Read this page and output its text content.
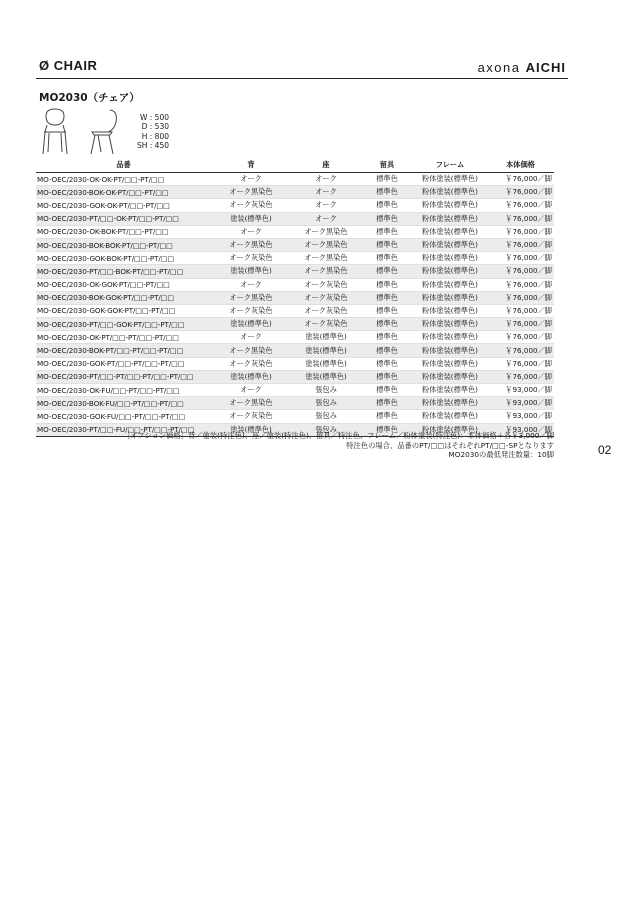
Ø CHAIR	axona AICHI
MO2030（チェア）
W : 500
D : 530
H : 800
SH : 450
品番	背	座	留具	フレーム	本体価格
MO-OEC/2030-OK-OK-PT/□□-PT/□□	オーク	オーク	標準色	粉体塗装(標準色)	￥76,000／脚
MO-OEC/2030-BOK-OK-PT/□□-PT/□□	オーク黒染色	オーク	標準色	粉体塗装(標準色)	￥76,000／脚
MO-OEC/2030-GOK-OK-PT/□□-PT/□□	オーク灰染色	オーク	標準色	粉体塗装(標準色)	￥76,000／脚
MO-OEC/2030-PT/□□-OK-PT/□□-PT/□□	塗装(標準色)	オーク	標準色	粉体塗装(標準色)	￥76,000／脚
MO-OEC/2030-OK-BOK-PT/□□-PT/□□	オーク	オーク黒染色	標準色	粉体塗装(標準色)	￥76,000／脚
MO-OEC/2030-BOK-BOK-PT/□□-PT/□□	オーク黒染色	オーク黒染色	標準色	粉体塗装(標準色)	￥76,000／脚
MO-OEC/2030-GOK-BOK-PT/□□-PT/□□	オーク灰染色	オーク黒染色	標準色	粉体塗装(標準色)	￥76,000／脚
MO-OEC/2030-PT/□□-BOK-PT/□□-PT/□□	塗装(標準色)	オーク黒染色	標準色	粉体塗装(標準色)	￥76,000／脚
MO-OEC/2030-OK-GOK-PT/□□-PT/□□	オーク	オーク灰染色	標準色	粉体塗装(標準色)	￥76,000／脚
MO-OEC/2030-BOK-GOK-PT/□□-PT/□□	オーク黒染色	オーク灰染色	標準色	粉体塗装(標準色)	￥76,000／脚
MO-OEC/2030-GOK-GOK-PT/□□-PT/□□	オーク灰染色	オーク灰染色	標準色	粉体塗装(標準色)	￥76,000／脚
MO-OEC/2030-PT/□□-GOK-PT/□□-PT/□□	塗装(標準色)	オーク灰染色	標準色	粉体塗装(標準色)	￥76,000／脚
MO-OEC/2030-OK-PT/□□-PT/□□-PT/□□	オーク	塗装(標準色)	標準色	粉体塗装(標準色)	￥76,000／脚
MO-OEC/2030-BOK-PT/□□-PT/□□-PT/□□	オーク黒染色	塗装(標準色)	標準色	粉体塗装(標準色)	￥76,000／脚
MO-OEC/2030-GOK-PT/□□-PT/□□-PT/□□	オーク灰染色	塗装(標準色)	標準色	粉体塗装(標準色)	￥76,000／脚
MO-OEC/2030-PT/□□-PT/□□-PT/□□-PT/□□	塗装(標準色)	塗装(標準色)	標準色	粉体塗装(標準色)	￥76,000／脚
MO-OEC/2030-OK-FU/□□-PT/□□-PT/□□	オーク	張包み	標準色	粉体塗装(標準色)	￥93,000／脚
MO-OEC/2030-BOK-FU/□□-PT/□□-PT/□□	オーク黒染色	張包み	標準色	粉体塗装(標準色)	￥93,000／脚
MO-OEC/2030-GOK-FU/□□-PT/□□-PT/□□	オーク灰染色	張包み	標準色	粉体塗装(標準色)	￥93,000／脚
MO-OEC/2030-PT/□□-FU/□□-PT/□□-PT/□□	塗装(標準色)	張包み	標準色	粉体塗装(標準色)	￥93,000／脚
［オプション価格］背／塗装(特注色)、座／塗装(特注色)、留具／特注色、フレーム／粉体塗装(特注色)：本体価格＋各￥3,000／脚
特注色の場合、品番のPT/□□はそれぞれPT/□□-SPとなります
MO2030の最低発注数量：10脚	02
